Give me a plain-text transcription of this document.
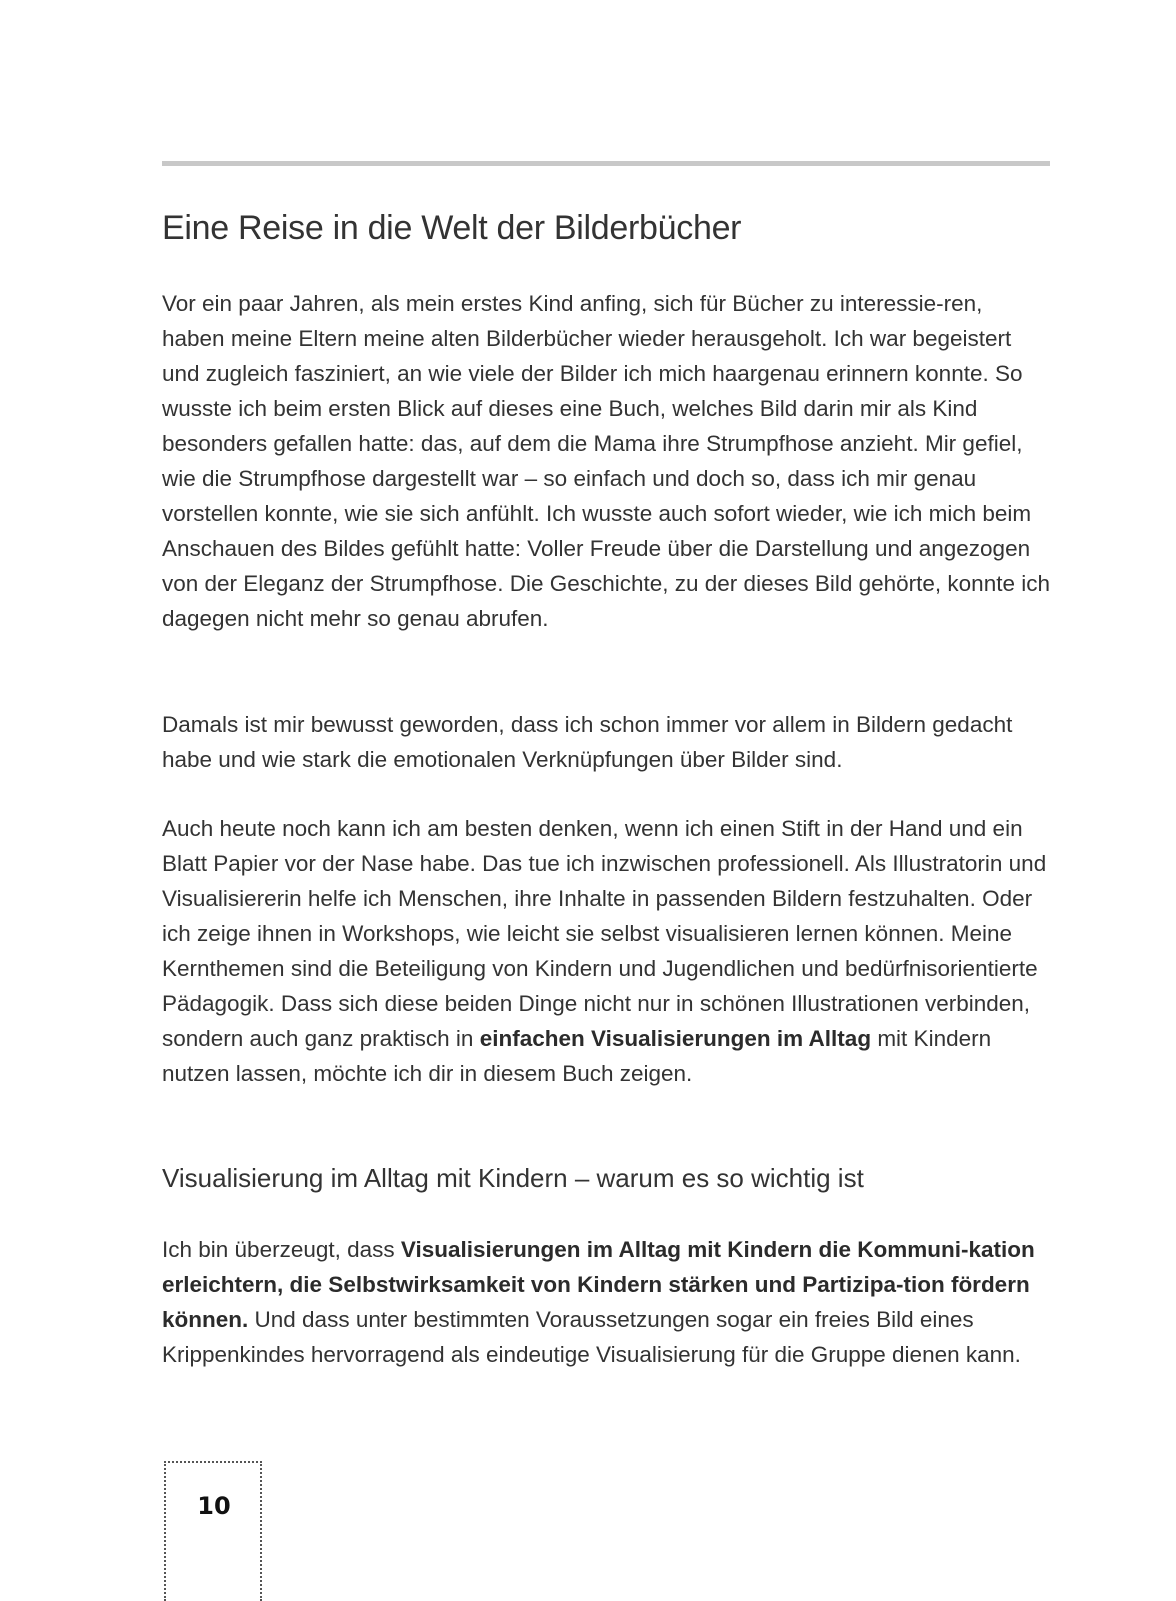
Eine Reise in die Welt der Bilderbücher

Vor ein paar Jahren, als mein erstes Kind anfing, sich für Bücher zu interessie-ren, haben meine Eltern meine alten Bilderbücher wieder herausgeholt. Ich war begeistert und zugleich fasziniert, an wie viele der Bilder ich mich haargenau erinnern konnte. So wusste ich beim ersten Blick auf dieses eine Buch, welches Bild darin mir als Kind besonders gefallen hatte: das, auf dem die Mama ihre Strumpfhose anzieht. Mir gefiel, wie die Strumpfhose dargestellt war – so einfach und doch so, dass ich mir genau vorstellen konnte, wie sie sich anfühlt. Ich wusste auch sofort wieder, wie ich mich beim Anschauen des Bildes gefühlt hatte: Voller Freude über die Darstellung und angezogen von der Eleganz der Strumpfhose. Die Geschichte, zu der dieses Bild gehörte, konnte ich dagegen nicht mehr so genau abrufen.

Damals ist mir bewusst geworden, dass ich schon immer vor allem in Bildern gedacht habe und wie stark die emotionalen Verknüpfungen über Bilder sind.

Auch heute noch kann ich am besten denken, wenn ich einen Stift in der Hand und ein Blatt Papier vor der Nase habe. Das tue ich inzwischen professionell. Als Illustratorin und Visualisiererin helfe ich Menschen, ihre Inhalte in passenden Bildern festzuhalten. Oder ich zeige ihnen in Workshops, wie leicht sie selbst visualisieren lernen können. Meine Kernthemen sind die Beteiligung von Kindern und Jugendlichen und bedürfnisorientierte Pädagogik. Dass sich diese beiden Dinge nicht nur in schönen Illustrationen verbinden, sondern auch ganz praktisch in einfachen Visualisierungen im Alltag mit Kindern nutzen lassen, möchte ich dir in diesem Buch zeigen.

Visualisierung im Alltag mit Kindern – warum es so wichtig ist

Ich bin überzeugt, dass Visualisierungen im Alltag mit Kindern die Kommuni-kation erleichtern, die Selbstwirksamkeit von Kindern stärken und Partizipa-tion fördern können. Und dass unter bestimmten Voraussetzungen sogar ein freies Bild eines Krippenkindes hervorragend als eindeutige Visualisierung für die Gruppe dienen kann.

10
